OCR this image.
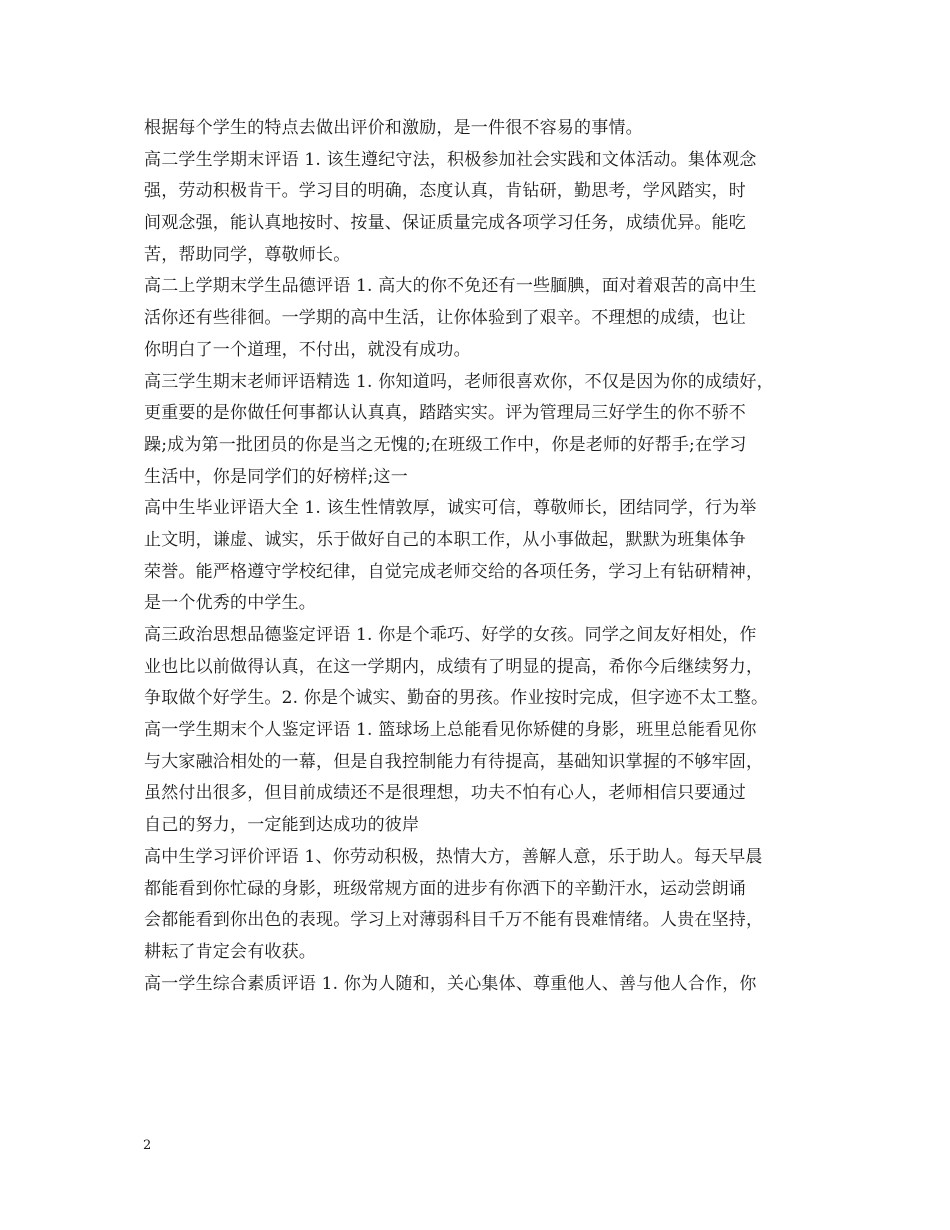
根据每个学生的特点去做出评价和激励，是一件很不容易的事情。
高二学生学期末评语 1. 该生遵纪守法，积极参加社会实践和文体活动。集体观念
强，劳动积极肯干。学习目的明确，态度认真，肯钻研，勤思考，学风踏实，时
间观念强，能认真地按时、按量、保证质量完成各项学习任务，成绩优异。能吃
苦，帮助同学，尊敬师长。
高二上学期末学生品德评语 1. 高大的你不免还有一些腼腆，面对着艰苦的高中生
活你还有些徘徊。一学期的高中生活，让你体验到了艰辛。不理想的成绩，也让
你明白了一个道理，不付出，就没有成功。
高三学生期末老师评语精选 1. 你知道吗，老师很喜欢你，不仅是因为你的成绩好，
更重要的是你做任何事都认认真真，踏踏实实。评为管理局三好学生的你不骄不
躁;成为第一批团员的你是当之无愧的;在班级工作中，你是老师的好帮手;在学习
生活中，你是同学们的好榜样;这一
高中生毕业评语大全 1. 该生性情敦厚，诚实可信，尊敬师长，团结同学，行为举
止文明，谦虚、诚实，乐于做好自己的本职工作，从小事做起，默默为班集体争
荣誉。能严格遵守学校纪律，自觉完成老师交给的各项任务，学习上有钻研精神，
是一个优秀的中学生。
高三政治思想品德鉴定评语 1. 你是个乖巧、好学的女孩。同学之间友好相处，作
业也比以前做得认真，在这一学期内，成绩有了明显的提高，希你今后继续努力，
争取做个好学生。2. 你是个诚实、勤奋的男孩。作业按时完成，但字迹不太工整。
高一学生期末个人鉴定评语 1. 篮球场上总能看见你矫健的身影，班里总能看见你
与大家融洽相处的一幕，但是自我控制能力有待提高，基础知识掌握的不够牢固，
虽然付出很多，但目前成绩还不是很理想，功夫不怕有心人，老师相信只要通过
自己的努力，一定能到达成功的彼岸
高中生学习评价评语 1、你劳动积极，热情大方，善解人意，乐于助人。每天早晨
都能看到你忙碌的身影，班级常规方面的进步有你洒下的辛勤汗水，运动尝朗诵
会都能看到你出色的表现。学习上对薄弱科目千万不能有畏难情绪。人贵在坚持，
耕耘了肯定会有收获。
高一学生综合素质评语 1. 你为人随和，关心集体、尊重他人、善与他人合作，你
2
